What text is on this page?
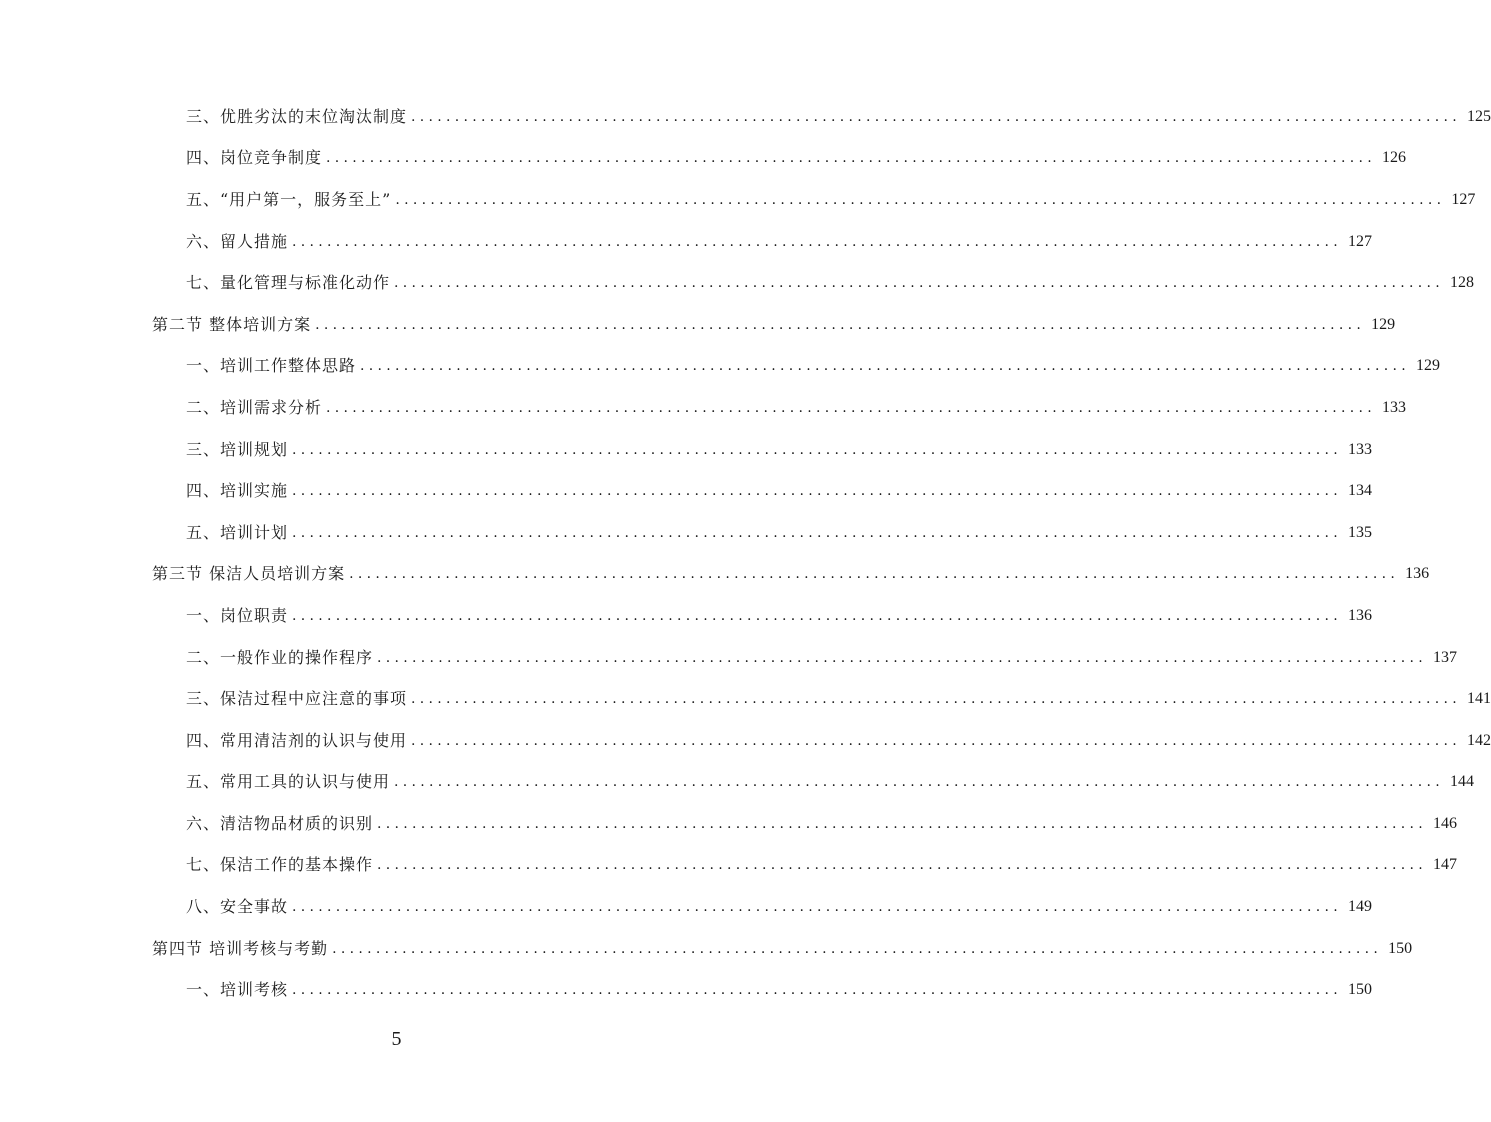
三、优胜劣汰的末位淘汰制度 ........................................................................................................................ 125
四、岗位竞争制度 ........................................................................................................................ 126
五、“用户第一，服务至上” ........................................................................................................................ 127
六、留人措施 ........................................................................................................................ 127
七、量化管理与标准化动作 ........................................................................................................................ 128
第二节 整体培训方案 ........................................................................................................................ 129
一、培训工作整体思路 ........................................................................................................................ 129
二、培训需求分析 ........................................................................................................................ 133
三、培训规划 ........................................................................................................................ 133
四、培训实施 ........................................................................................................................ 134
五、培训计划 ........................................................................................................................ 135
第三节 保洁人员培训方案 ........................................................................................................................ 136
一、岗位职责 ........................................................................................................................ 136
二、一般作业的操作程序 ........................................................................................................................ 137
三、保洁过程中应注意的事项 ........................................................................................................................ 141
四、常用清洁剂的认识与使用 ........................................................................................................................ 142
五、常用工具的认识与使用 ........................................................................................................................ 144
六、清洁物品材质的识别 ........................................................................................................................ 146
七、保洁工作的基本操作 ........................................................................................................................ 147
八、安全事故 ........................................................................................................................ 149
第四节 培训考核与考勤 ........................................................................................................................ 150
一、培训考核 ........................................................................................................................ 150
5
